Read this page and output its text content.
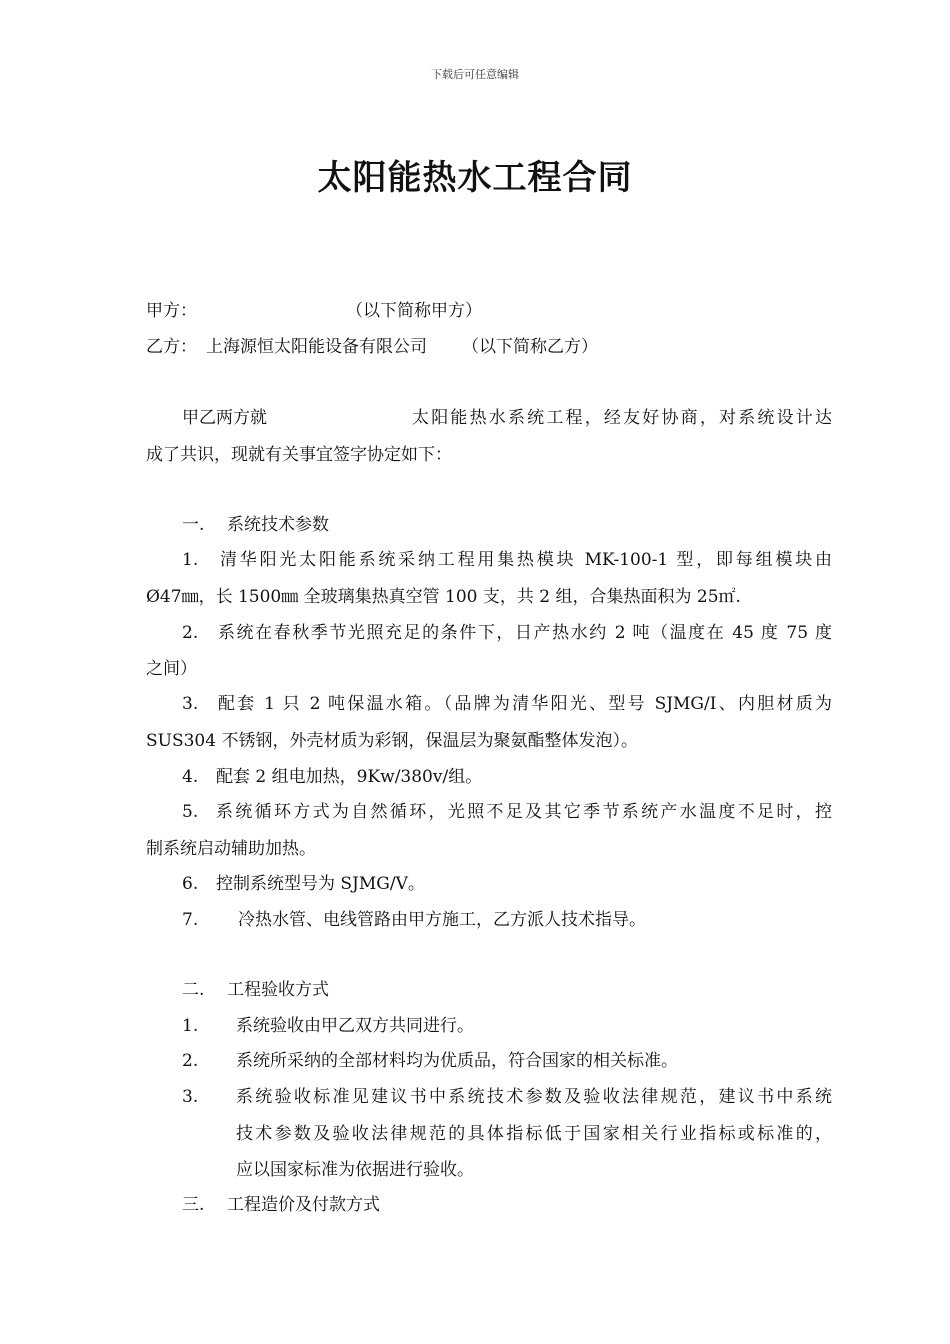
下载后可任意编辑
太阳能热水工程合同
甲方：	（以下简称甲方）
乙方： 上海源恒太阳能设备有限公司 （以下简称乙方）
甲乙两方就	太阳能热水系统工程，经友好协商，对系统设计达
成了共识，现就有关事宜签字协定如下：
一. 系统技术参数
1. 清华阳光太阳能系统采纳工程用集热模块 MK-100-1 型，即每组模块由
Ø47㎜，长 1500㎜ 全玻璃集热真空管 100 支，共 2 组，合集热面积为 25㎡.
2. 系统在春秋季节光照充足的条件下，日产热水约 2 吨（温度在 45 度 75 度
之间）
3. 配套 1 只 2 吨保温水箱。（品牌为清华阳光、型号 SJMG/I、内胆材质为
SUS304 不锈钢，外壳材质为彩钢，保温层为聚氨酯整体发泡）。
4. 配套 2 组电加热，9Kw/380v/组。
5. 系统循环方式为自然循环，光照不足及其它季节系统产水温度不足时，控
制系统启动辅助加热。
6. 控制系统型号为 SJMG/Ⅴ。
7. 冷热水管、电线管路由甲方施工，乙方派人技术指导。
二. 工程验收方式
1. 系统验收由甲乙双方共同进行。
2. 系统所采纳的全部材料均为优质品，符合国家的相关标准。
3. 系统验收标准见建议书中系统技术参数及验收法律规范，建议书中系统
技术参数及验收法律规范的具体指标低于国家相关行业指标或标准的，
应以国家标准为依据进行验收。
三. 工程造价及付款方式
